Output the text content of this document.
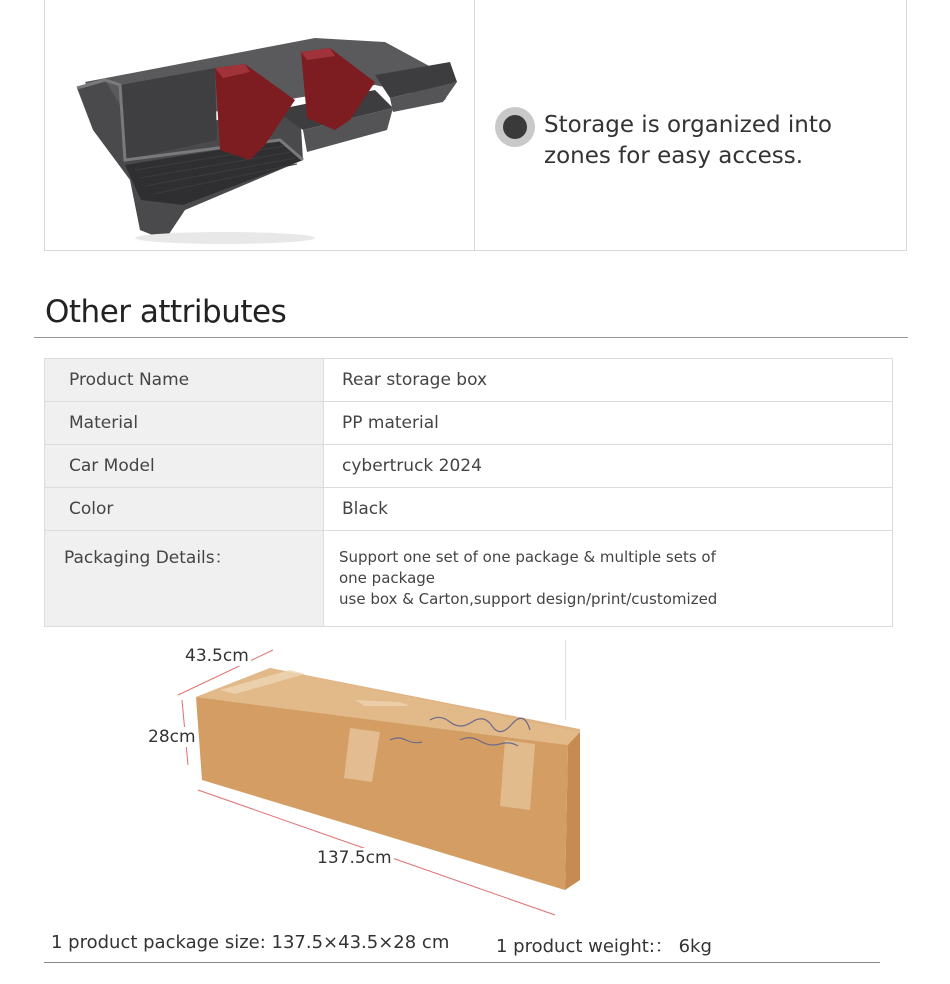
Storage is organized into zones for easy access.
Other attributes
Product Name	Rear storage box
Material	PP material
Car Model	cybertruck 2024
Color	Black
Packaging Details：	Support one set of one package & multiple sets of
one package
use box & Carton,support design/print/customized
43.5cm
28cm
137.5cm
1 product package size: 137.5×43.5×28 cm	1 product weight:： 6kg
